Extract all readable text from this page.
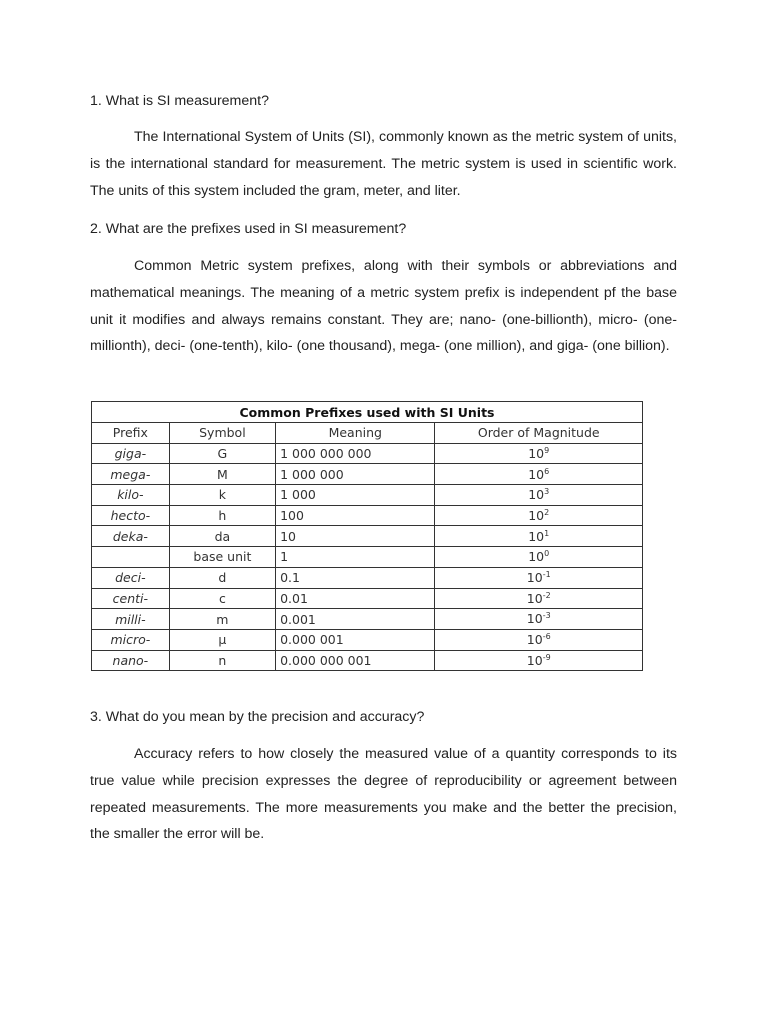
1. What is SI measurement?

The International System of Units (SI), commonly known as the metric system of units, is the international standard for measurement. The metric system is used in scientific work. The units of this system included the gram, meter, and liter.

2. What are the prefixes used in SI measurement?

Common Metric system prefixes, along with their symbols or abbreviations and mathematical meanings. The meaning of a metric system prefix is independent pf the base unit it modifies and always remains constant. They are; nano- (one-billionth), micro- (one-millionth), deci- (one-tenth), kilo- (one thousand), mega- (one million), and giga- (one billion).

Common Prefixes used with SI Units			
Prefix	Symbol	Meaning	Order of Magnitude
giga-	G	1 000 000 000	$10^9$
mega-	M	1 000 000	$10^6$
kilo-	k	1 000	$10^3$
hecto-	h	100	$10^2$
deka-	da	10	$10^1$
	base unit	1	$10^0$
deci-	d	0.1	$10^{-1}$
centi-	c	0.01	$10^{-2}$
milli-	m	0.001	$10^{-3}$
micro-	µ	0.000 001	$10^{-6}$
nano-	n	0.000 000 001	$10^{-9}$

3. What do you mean by the precision and accuracy?

Accuracy refers to how closely the measured value of a quantity corresponds to its true value while precision expresses the degree of reproducibility or agreement between repeated measurements. The more measurements you make and the better the precision, the smaller the error will be.
